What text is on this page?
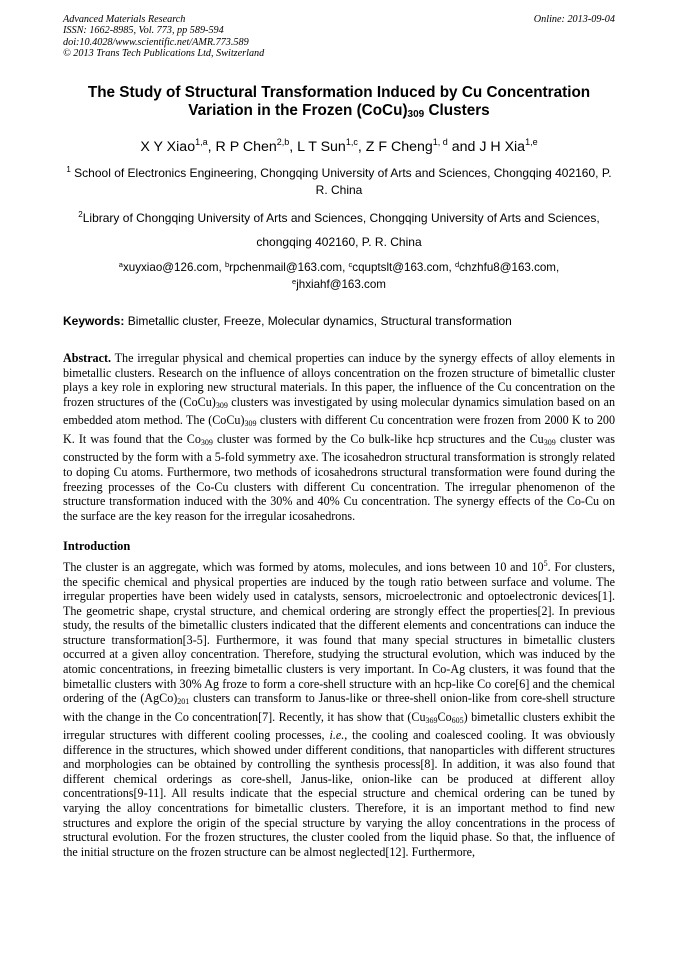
Advanced Materials Research
ISSN: 1662-8985, Vol. 773, pp 589-594
doi:10.4028/www.scientific.net/AMR.773.589
© 2013 Trans Tech Publications Ltd, Switzerland
Online: 2013-09-04
The Study of Structural Transformation Induced by Cu Concentration
Variation in the Frozen $(CoCu)_{309}$ Clusters
X Y Xiao$^{1,a}$, R P Chen$^{2,b}$, L T Sun$^{1,c}$, Z F Cheng$^{1, d}$ and J H Xia$^{1,e}$
$^1$ School of Electronics Engineering, Chongqing University of Arts and Sciences, Chongqing 402160, P. R. China
$^2$Library of Chongqing University of Arts and Sciences, Chongqing University of Arts and Sciences, chongqing 402160, P. R. China
$^a$xuyxiao@126.com, $^b$rpchenmail@163.com, $^c$cquptslt@163.com, $^d$chzhfu8@163.com,
$^e$jhxiahf@163.com
Keywords: Bimetallic cluster, Freeze, Molecular dynamics, Structural transformation
Abstract. The irregular physical and chemical properties can induce by the synergy effects of alloy elements in bimetallic clusters. Research on the influence of alloys concentration on the frozen structure of bimetallic cluster plays a key role in exploring new structural materials. In this paper, the influence of the Cu concentration on the frozen structures of the $(CoCu)_{309}$ clusters was investigated by using molecular dynamics simulation based on an embedded atom method. The $(CoCu)_{309}$ clusters with different Cu concentration were frozen from 2000 K to 200 K. It was found that the $Co_{309}$ cluster was formed by the Co bulk-like hcp structures and the $Cu_{309}$ cluster was constructed by the form with a 5-fold symmetry axe. The icosahedron structural transformation is strongly related to doping Cu atoms. Furthermore, two methods of icosahedrons structural transformation were found during the freezing processes of the Co-Cu clusters with different Cu concentration. The irregular phenomenon of the structure transformation induced with the 30% and 40% Cu concentration. The synergy effects of the Co-Cu on the surface are the key reason for the irregular icosahedrons.
Introduction
The cluster is an aggregate, which was formed by atoms, molecules, and ions between 10 and $10^5$. For clusters, the specific chemical and physical properties are induced by the tough ratio between surface and volume. The irregular properties have been widely used in catalysts, sensors, microelectronic and optoelectronic devices[1]. The geometric shape, crystal structure, and chemical ordering are strongly effect the properties[2]. In previous study, the results of the bimetallic clusters indicated that the different elements and concentrations can induce the structure transformation[3-5]. Furthermore, it was found that many special structures in bimetallic clusters occurred at a given alloy concentration. Therefore, studying the structural evolution, which was induced by the atomic concentrations, in freezing bimetallic clusters is very important. In Co-Ag clusters, it was found that the bimetallic clusters with 30% Ag froze to form a core-shell structure with an hcp-like Co core[6] and the chemical ordering of the $(AgCo)_{201}$ clusters can transform to Janus-like or three-shell onion-like from core-shell structure with the change in the Co concentration[7]. Recently, it has show that $(Cu_{369}Co_{605})$ bimetallic clusters exhibit the irregular structures with different cooling processes, i.e., the cooling and coalesced cooling. It was obviously difference in the structures, which showed under different conditions, that nanoparticles with different structures and morphologies can be obtained by controlling the synthesis process[8]. In addition, it was also found that different chemical orderings as core-shell, Janus-like, onion-like can be produced at different alloy concentrations[9-11]. All results indicate that the especial structure and chemical ordering can be tuned by varying the alloy concentrations for bimetallic clusters. Therefore, it is an important method to find new structures and explore the origin of the special structure by varying the alloy concentrations in the process of structural evolution. For the frozen structures, the cluster cooled from the liquid phase. So that, the influence of the initial structure on the frozen structure can be almost neglected[12]. Furthermore,
